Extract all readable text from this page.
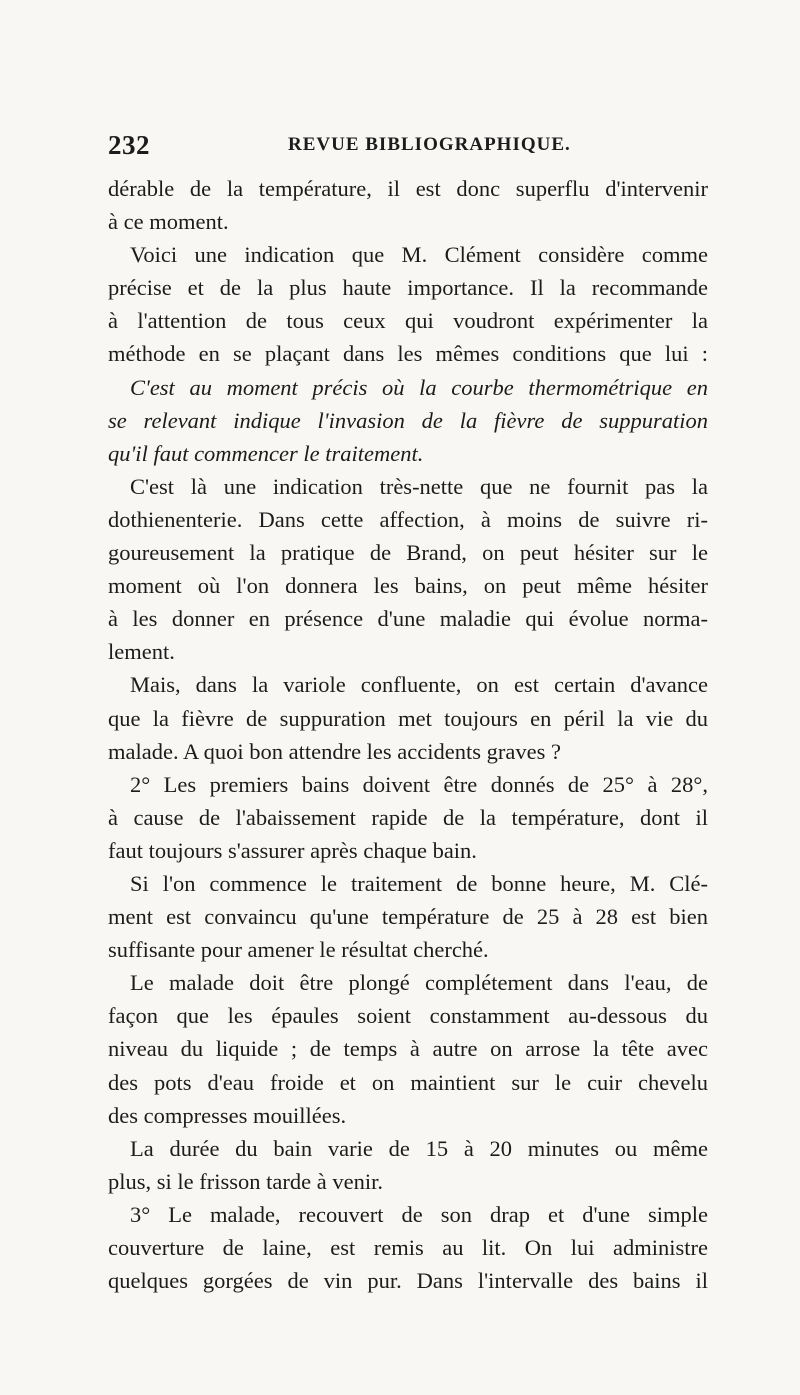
232	REVUE BIBLIOGRAPHIQUE.
dérable de la température, il est donc superflu d'intervenir
à ce moment.
Voici une indication que M. Clément considère comme
précise et de la plus haute importance. Il la recommande
à l'attention de tous ceux qui voudront expérimenter la
méthode en se plaçant dans les mêmes conditions que lui :
C'est au moment précis où la courbe thermométrique en
se relevant indique l'invasion de la fièvre de suppuration
qu'il faut commencer le traitement.
C'est là une indication très-nette que ne fournit pas la
dothienenterie. Dans cette affection, à moins de suivre ri-
goureusement la pratique de Brand, on peut hésiter sur le
moment où l'on donnera les bains, on peut même hésiter
à les donner en présence d'une maladie qui évolue norma-
lement.
Mais, dans la variole confluente, on est certain d'avance
que la fièvre de suppuration met toujours en péril la vie du
malade. A quoi bon attendre les accidents graves ?
2° Les premiers bains doivent être donnés de 25° à 28°,
à cause de l'abaissement rapide de la température, dont il
faut toujours s'assurer après chaque bain.
Si l'on commence le traitement de bonne heure, M. Clé-
ment est convaincu qu'une température de 25 à 28 est bien
suffisante pour amener le résultat cherché.
Le malade doit être plongé complétement dans l'eau, de
façon que les épaules soient constamment au-dessous du
niveau du liquide ; de temps à autre on arrose la tête avec
des pots d'eau froide et on maintient sur le cuir chevelu
des compresses mouillées.
La durée du bain varie de 15 à 20 minutes ou même
plus, si le frisson tarde à venir.
3° Le malade, recouvert de son drap et d'une simple
couverture de laine, est remis au lit. On lui administre
quelques gorgées de vin pur. Dans l'intervalle des bains il
